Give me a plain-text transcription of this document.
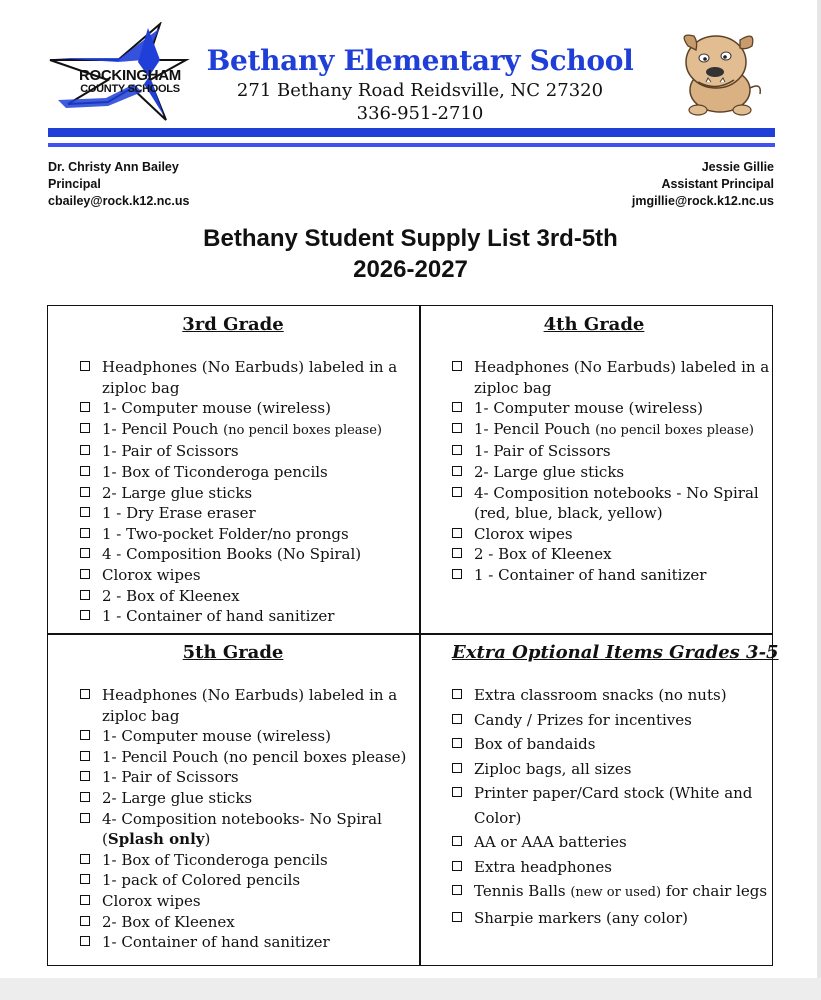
ROCKINGHAM
COUNTY SCHOOLS
Bethany Elementary School
271 Bethany Road Reidsville, NC 27320
336-951-2710
Dr. Christy Ann Bailey
Principal
cbailey@rock.k12.nc.us
Jessie Gillie
Assistant Principal
jmgillie@rock.k12.nc.us
Bethany Student Supply List 3rd-5th
2026-2027
3rd Grade
Headphones (No Earbuds) labeled in a ziploc bag
1- Computer mouse (wireless)
1- Pencil Pouch (no pencil boxes please)
1- Pair of Scissors
1- Box of Ticonderoga pencils
2- Large glue sticks
1 - Dry Erase eraser
1 - Two-pocket Folder/no prongs
4 - Composition Books (No Spiral)
Clorox wipes
2 - Box of Kleenex
1 - Container of hand sanitizer
4th Grade
Headphones (No Earbuds) labeled in a ziploc bag
1- Computer mouse (wireless)
1- Pencil Pouch (no pencil boxes please)
1- Pair of Scissors
2- Large glue sticks
4- Composition notebooks - No Spiral (red, blue, black, yellow)
Clorox wipes
2 - Box of Kleenex
1 - Container of hand sanitizer
5th Grade
Headphones (No Earbuds) labeled in a ziploc bag
1- Computer mouse (wireless)
1- Pencil Pouch (no pencil boxes please)
1- Pair of Scissors
2- Large glue sticks
4- Composition notebooks- No Spiral (Splash only)
1- Box of Ticonderoga pencils
1- pack of Colored pencils
Clorox wipes
2- Box of Kleenex
1- Container of hand sanitizer
Extra Optional Items Grades 3-5
Extra classroom snacks (no nuts)
Candy / Prizes for incentives
Box of bandaids
Ziploc bags, all sizes
Printer paper/Card stock (White and Color)
AA or AAA batteries
Extra headphones
Tennis Balls (new or used) for chair legs
Sharpie markers (any color)
